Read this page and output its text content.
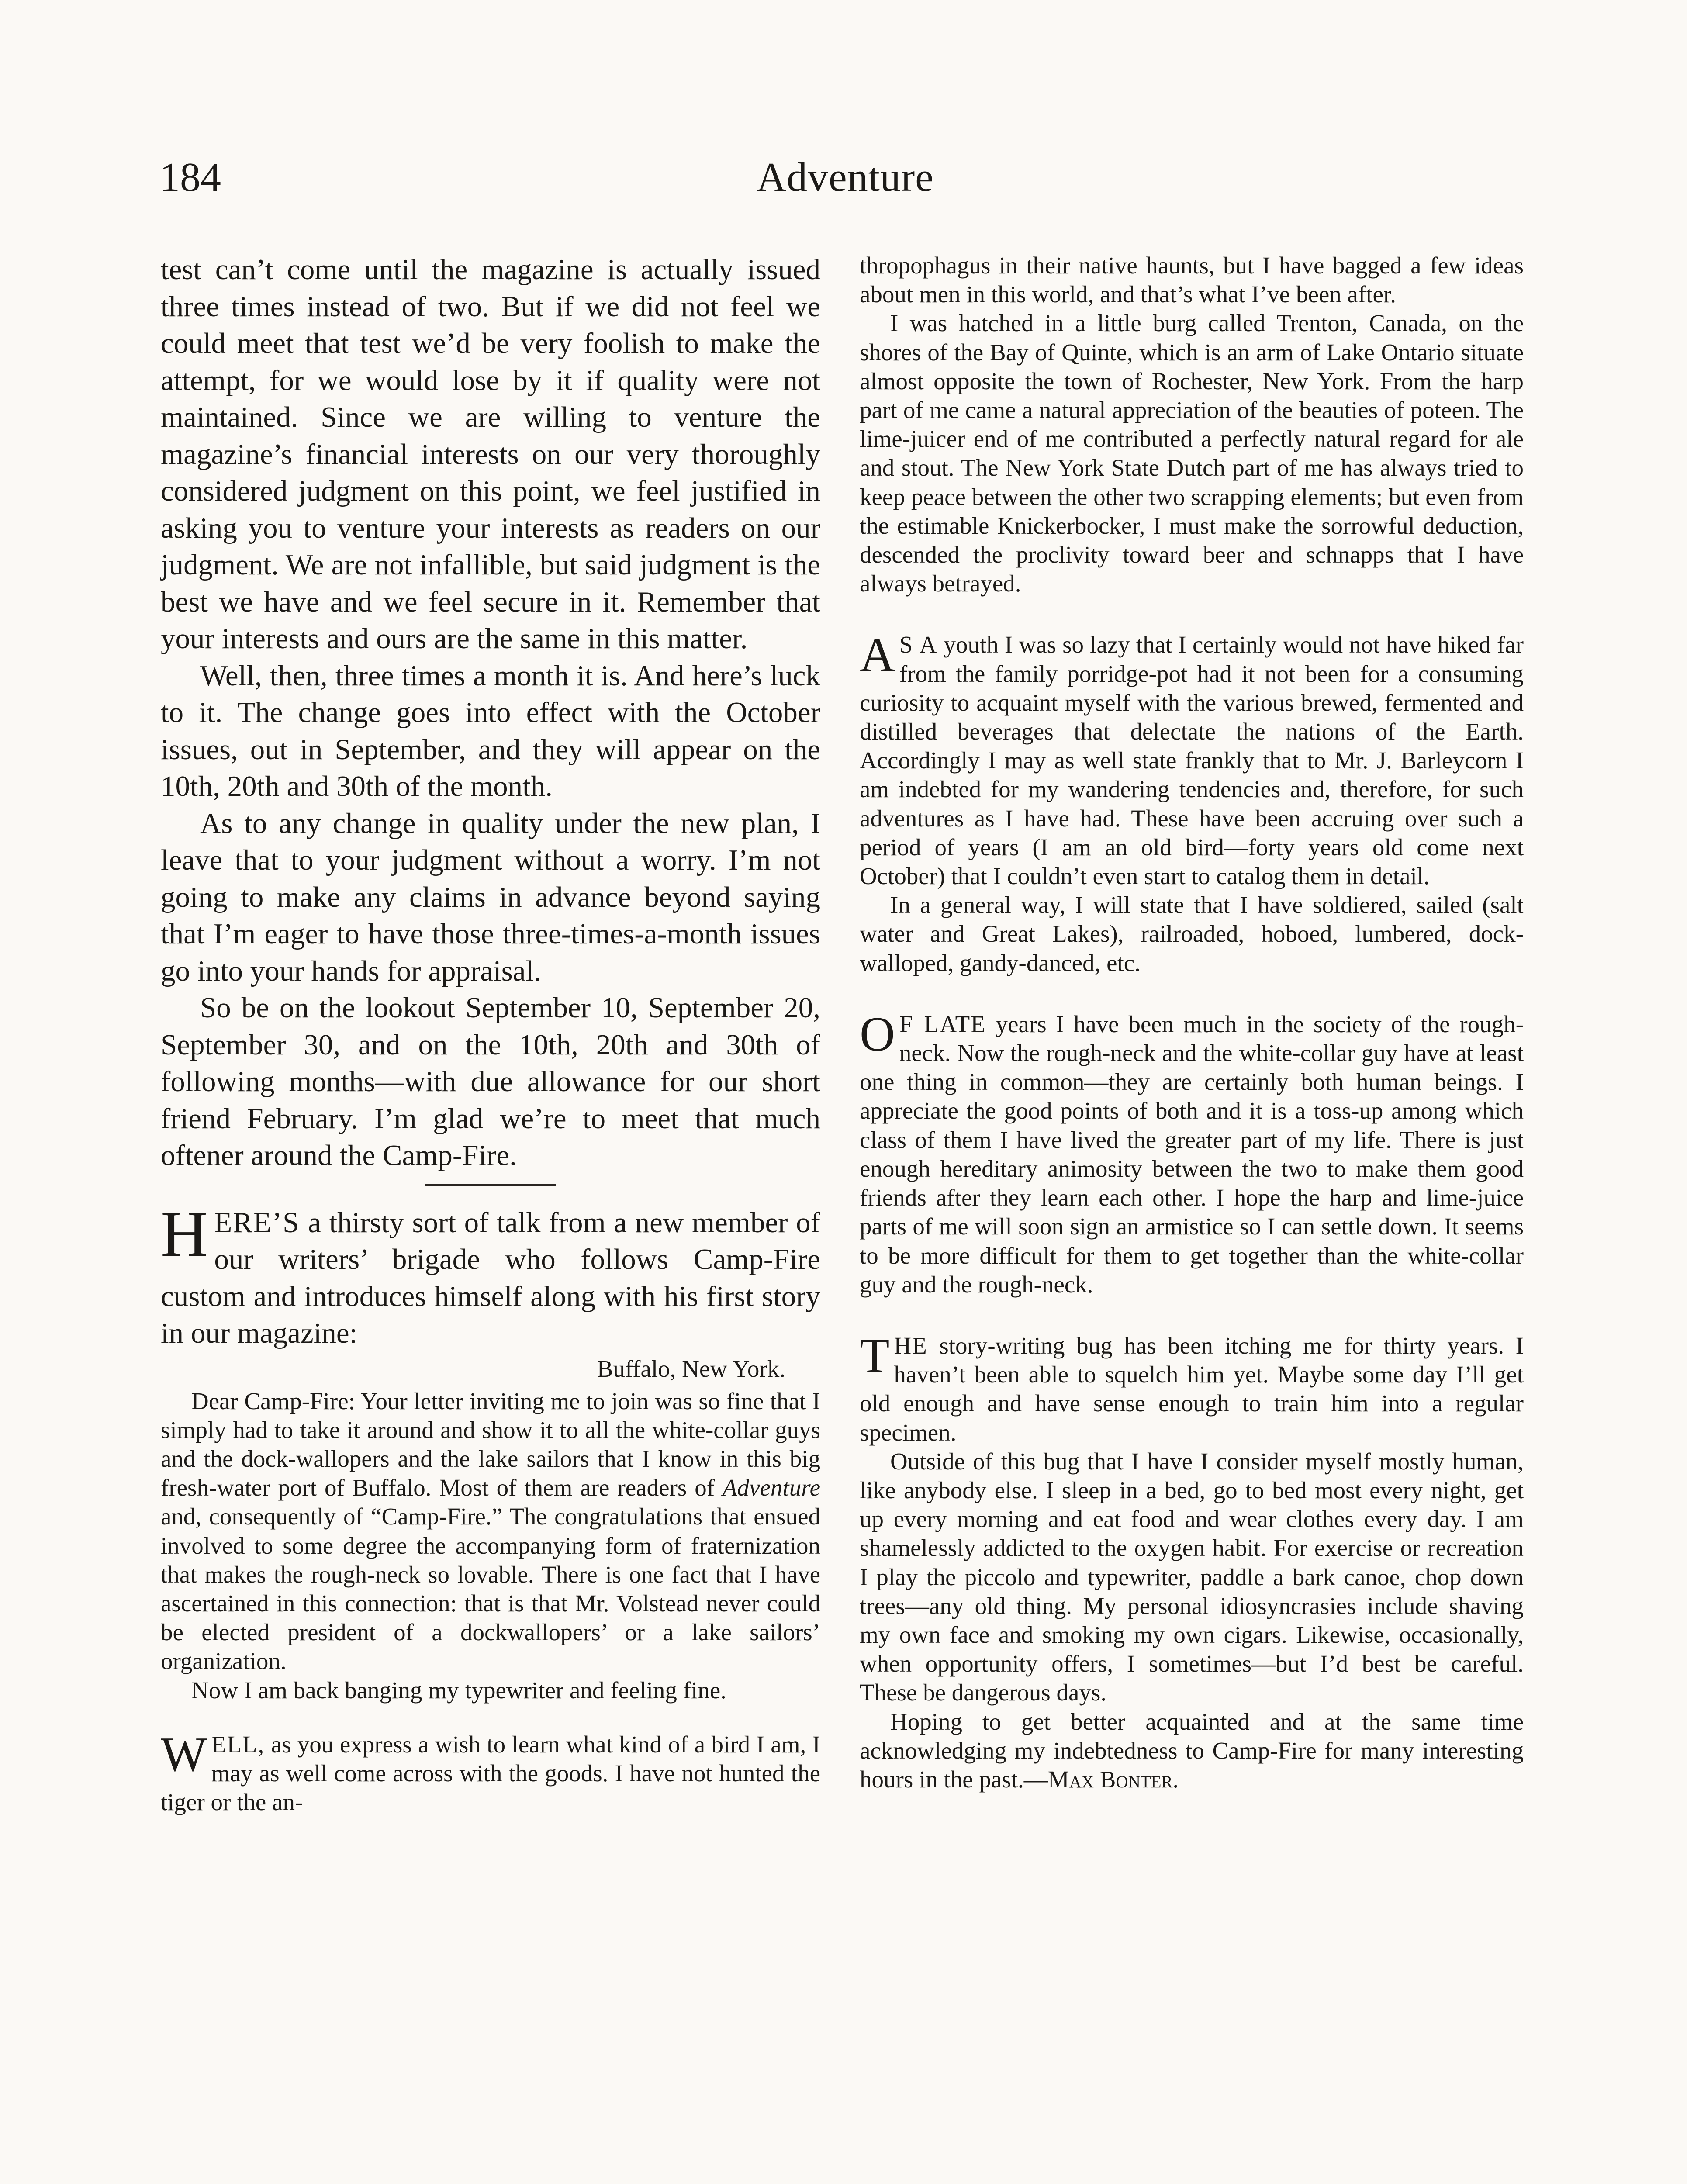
184	Adventure

test can’t come until the magazine is actually issued three times instead of two. But if we did not feel we could meet that test we’d be very foolish to make the attempt, for we would lose by it if quality were not maintained. Since we are willing to venture the magazine’s financial interests on our very thoroughly considered judgment on this point, we feel justified in asking you to venture your interests as readers on our judgment. We are not infallible, but said judgment is the best we have and we feel secure in it. Remember that your interests and ours are the same in this matter.

Well, then, three times a month it is. And here’s luck to it. The change goes into effect with the October issues, out in September, and they will appear on the 10th, 20th and 30th of the month.

As to any change in quality under the new plan, I leave that to your judgment without a worry. I’m not going to make any claims in advance beyond saying that I’m eager to have those three-times-a-month issues go into your hands for appraisal.

So be on the lookout September 10, September 20, September 30, and on the 10th, 20th and 30th of following months—with due allowance for our short friend February. I’m glad we’re to meet that much oftener around the Camp-Fire.

HERE’S a thirsty sort of talk from a new member of our writers’ brigade who follows Camp-Fire custom and introduces himself along with his first story in our magazine:

Buffalo, New York.

Dear Camp-Fire: Your letter inviting me to join was so fine that I simply had to take it around and show it to all the white-collar guys and the dock-wallopers and the lake sailors that I know in this big fresh-water port of Buffalo. Most of them are readers of Adventure and, consequently of “Camp-Fire.” The congratulations that ensued involved to some degree the accompanying form of fraternization that makes the rough-neck so lovable. There is one fact that I have ascertained in this connection: that is that Mr. Volstead never could be elected president of a dockwallopers’ or a lake sailors’ organization.

Now I am back banging my typewriter and feeling fine.

WELL, as you express a wish to learn what kind of a bird I am, I may as well come across with the goods. I have not hunted the tiger or the an-

thropophagus in their native haunts, but I have bagged a few ideas about men in this world, and that’s what I’ve been after.

I was hatched in a little burg called Trenton, Canada, on the shores of the Bay of Quinte, which is an arm of Lake Ontario situate almost opposite the town of Rochester, New York. From the harp part of me came a natural appreciation of the beauties of poteen. The lime-juicer end of me contributed a perfectly natural regard for ale and stout. The New York State Dutch part of me has always tried to keep peace between the other two scrapping elements; but even from the estimable Knickerbocker, I must make the sorrowful deduction, descended the proclivity toward beer and schnapps that I have always betrayed.

A S A youth I was so lazy that I certainly would not have hiked far from the family porridge-pot had it not been for a consuming curiosity to acquaint myself with the various brewed, fermented and distilled beverages that delectate the nations of the Earth. Accordingly I may as well state frankly that to Mr. J. Barleycorn I am indebted for my wandering tendencies and, therefore, for such adventures as I have had. These have been accruing over such a period of years (I am an old bird—forty years old come next October) that I couldn’t even start to catalog them in detail.

In a general way, I will state that I have soldiered, sailed (salt water and Great Lakes), railroaded, hoboed, lumbered, dock-walloped, gandy-danced, etc.

O F LATE years I have been much in the society of the rough-neck. Now the rough-neck and the white-collar guy have at least one thing in common—they are certainly both human beings. I appreciate the good points of both and it is a toss-up among which class of them I have lived the greater part of my life. There is just enough hereditary animosity between the two to make them good friends after they learn each other. I hope the harp and lime-juice parts of me will soon sign an armistice so I can settle down. It seems to be more difficult for them to get together than the white-collar guy and the rough-neck.

THE story-writing bug has been itching me for thirty years. I haven’t been able to squelch him yet. Maybe some day I’ll get old enough and have sense enough to train him into a regular specimen.

Outside of this bug that I have I consider myself mostly human, like anybody else. I sleep in a bed, go to bed most every night, get up every morning and eat food and wear clothes every day. I am shamelessly addicted to the oxygen habit. For exercise or recreation I play the piccolo and typewriter, paddle a bark canoe, chop down trees—any old thing. My personal idiosyncrasies include shaving my own face and smoking my own cigars. Likewise, occasionally, when opportunity offers, I sometimes—but I’d best be careful. These be dangerous days.

Hoping to get better acquainted and at the same time acknowledging my indebtedness to Camp-Fire for many interesting hours in the past.—Max Bonter.
